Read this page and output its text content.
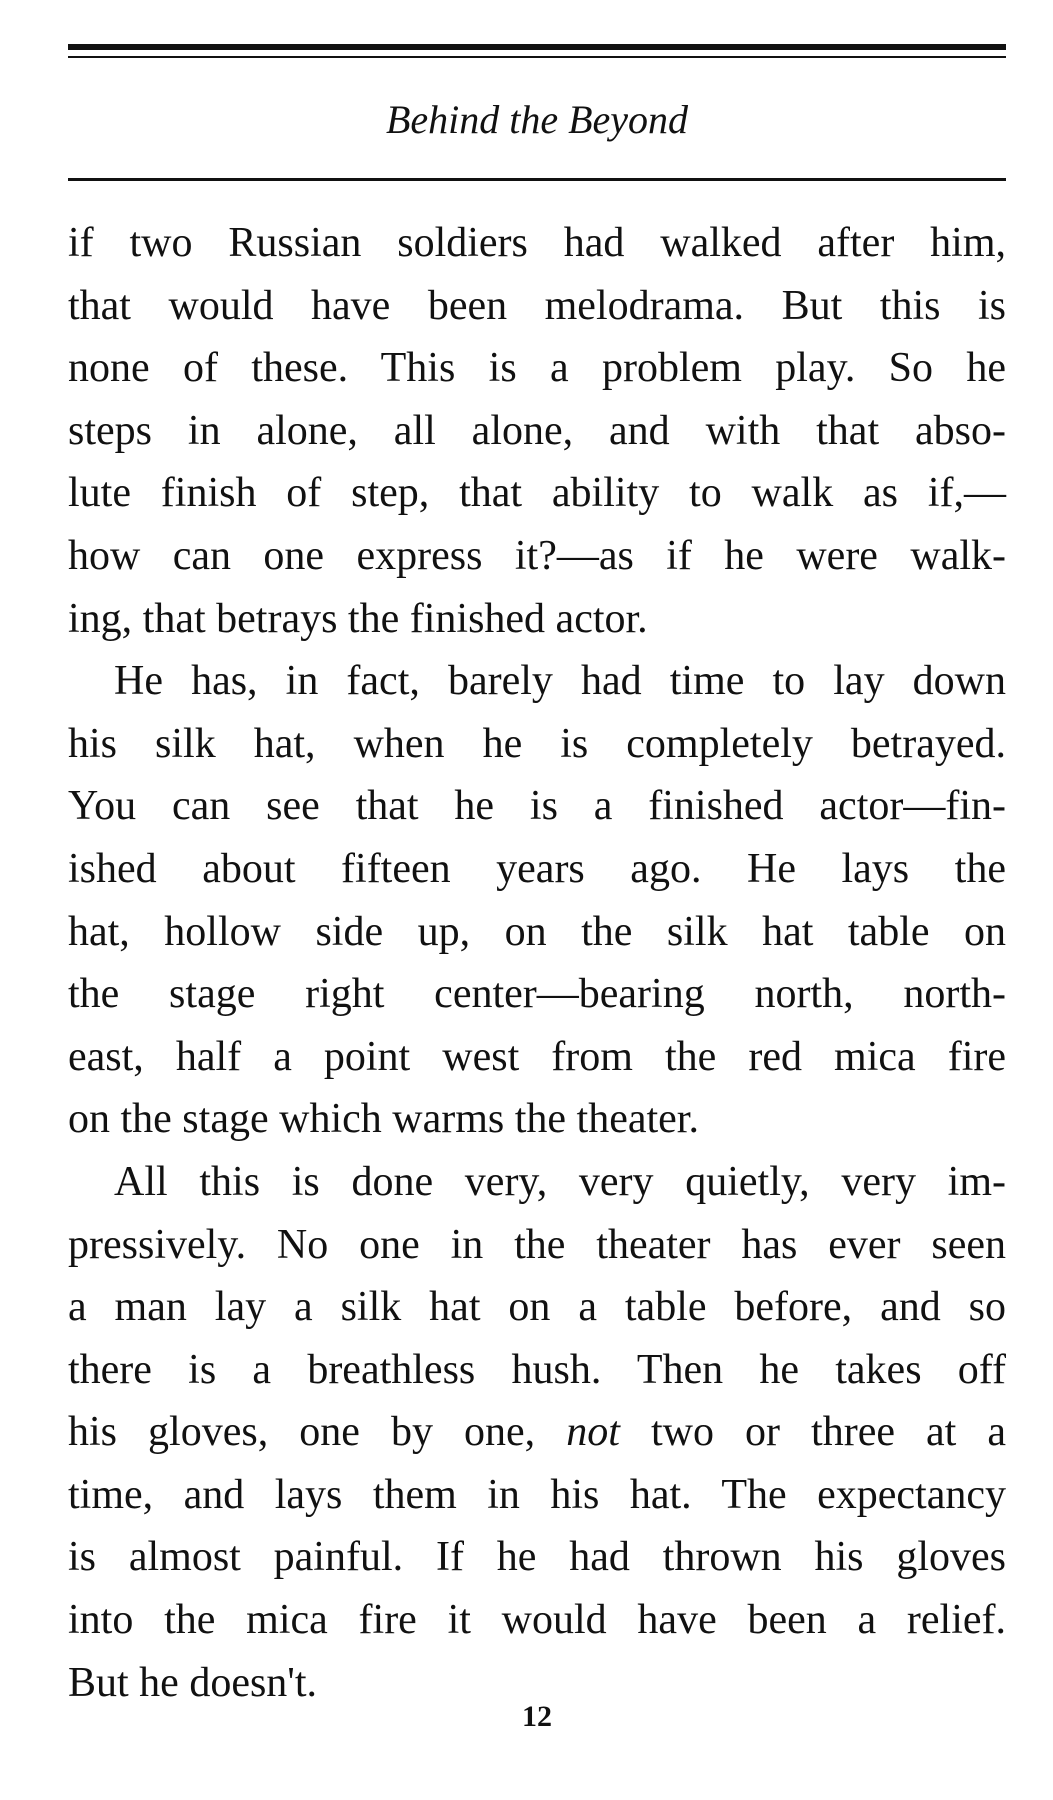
Behind the Beyond
if two Russian soldiers had walked after him,
that would have been melodrama. But this is
none of these. This is a problem play. So he
steps in alone, all alone, and with that abso-
lute finish of step, that ability to walk as if,—
how can one express it?—as if he were walk-
ing, that betrays the finished actor.
He has, in fact, barely had time to lay down
his silk hat, when he is completely betrayed.
You can see that he is a finished actor—fin-
ished about fifteen years ago. He lays the
hat, hollow side up, on the silk hat table on
the stage right center—bearing north, north-
east, half a point west from the red mica fire
on the stage which warms the theater.
All this is done very, very quietly, very im-
pressively. No one in the theater has ever seen
a man lay a silk hat on a table before, and so
there is a breathless hush. Then he takes off
his gloves, one by one, not two or three at a
time, and lays them in his hat. The expectancy
is almost painful. If he had thrown his gloves
into the mica fire it would have been a relief.
But he doesn't.
12
